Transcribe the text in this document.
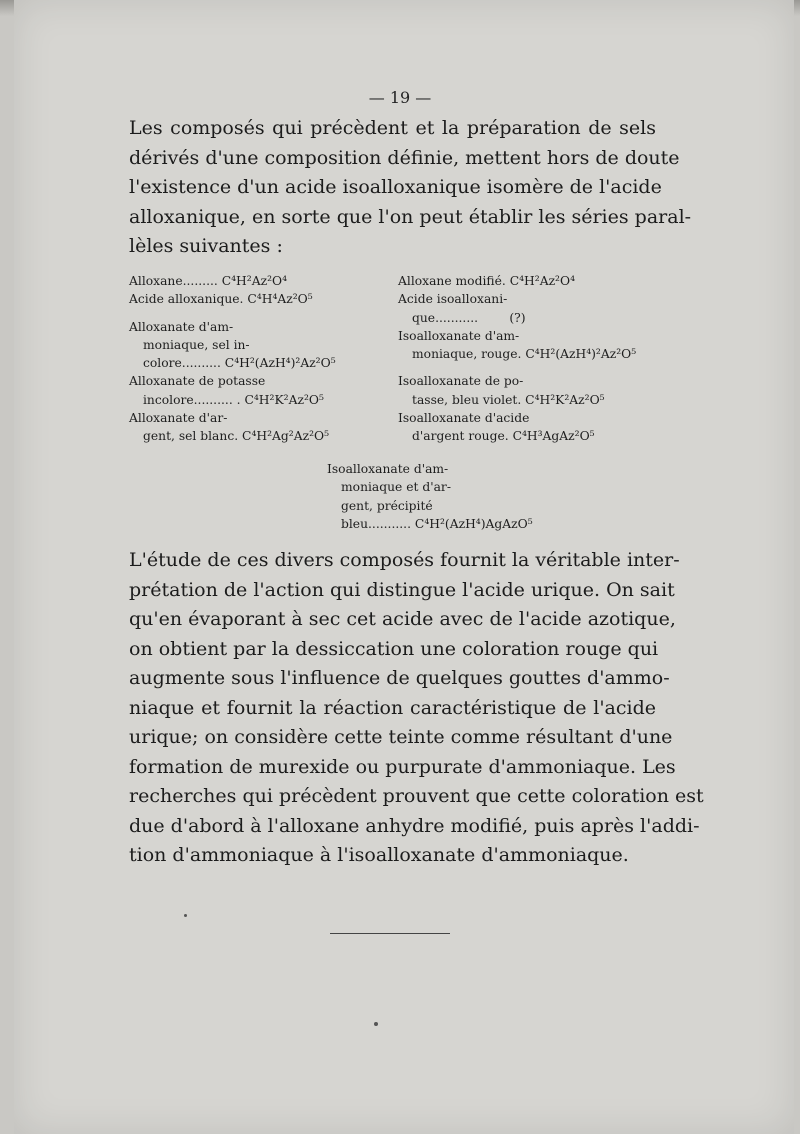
— 19 —
Les composés qui précèdent et la préparation de sels
dérivés d'une composition définie, mettent hors de doute
l'existence d'un acide isoalloxanique isomère de l'acide
alloxanique, en sorte que l'on peut établir les séries paral-
lèles suivantes :
Alloxane......... C⁴H²Az²O⁴
Acide alloxanique. C⁴H⁴Az²O⁵
Alloxanate d'am-
moniaque, sel in-
colore.......... C⁴H²(AzH⁴)²Az²O⁵
Alloxanate de potasse
incolore.......... . C⁴H²K²Az²O⁵
Alloxanate d'ar-
gent, sel blanc. C⁴H²Ag²Az²O⁵
Alloxane modifié. C⁴H²Az²O⁴
Acide isoalloxani-
que...........	(?)
Isoalloxanate d'am-
moniaque, rouge. C⁴H²(AzH⁴)²Az²O⁵
Isoalloxanate de po-
tasse, bleu violet. C⁴H²K²Az²O⁵
Isoalloxanate d'acide
d'argent rouge. C⁴H³AgAz²O⁵
Isoalloxanate d'am-
moniaque et d'ar-
gent, précipité
bleu........... C⁴H²(AzH⁴)AgAzO⁵
L'étude de ces divers composés fournit la véritable inter-
prétation de l'action qui distingue l'acide urique. On sait
qu'en évaporant à sec cet acide avec de l'acide azotique,
on obtient par la dessiccation une coloration rouge qui
augmente sous l'influence de quelques gouttes d'ammo-
niaque et fournit la réaction caractéristique de l'acide
urique; on considère cette teinte comme résultant d'une
formation de murexide ou purpurate d'ammoniaque. Les
recherches qui précèdent prouvent que cette coloration est
due d'abord à l'alloxane anhydre modifié, puis après l'addi-
tion d'ammoniaque à l'isoalloxanate d'ammoniaque.
